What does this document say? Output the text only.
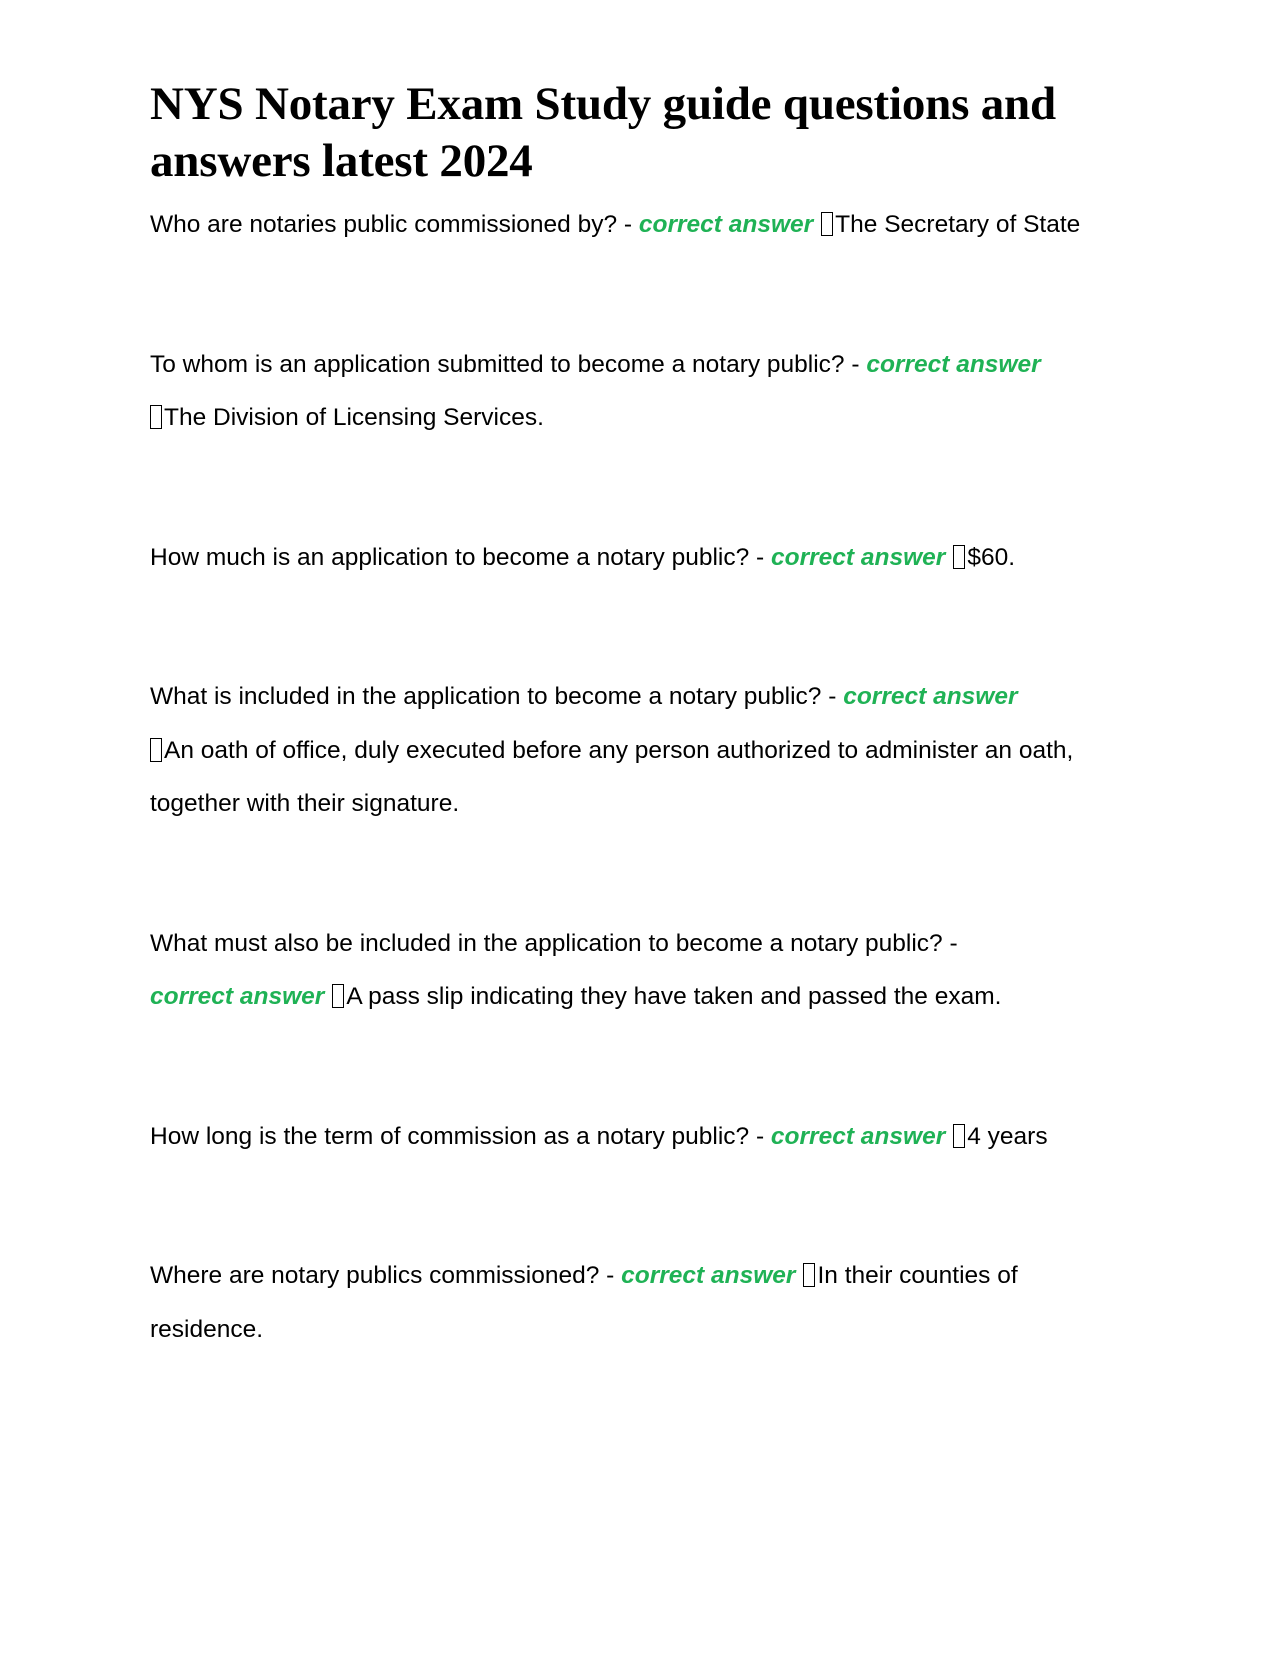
NYS Notary Exam Study guide questions and answers latest 2024

Who are notaries public commissioned by? - correct answer The Secretary of State

To whom is an application submitted to become a notary public? - correct answer
The Division of Licensing Services.

How much is an application to become a notary public? - correct answer $60.

What is included in the application to become a notary public? - correct answer
An oath of office, duly executed before any person authorized to administer an oath, together with their signature.

What must also be included in the application to become a notary public? -
correct answer A pass slip indicating they have taken and passed the exam.

How long is the term of commission as a notary public? - correct answer 4 years

Where are notary publics commissioned? - correct answer In their counties of residence.
